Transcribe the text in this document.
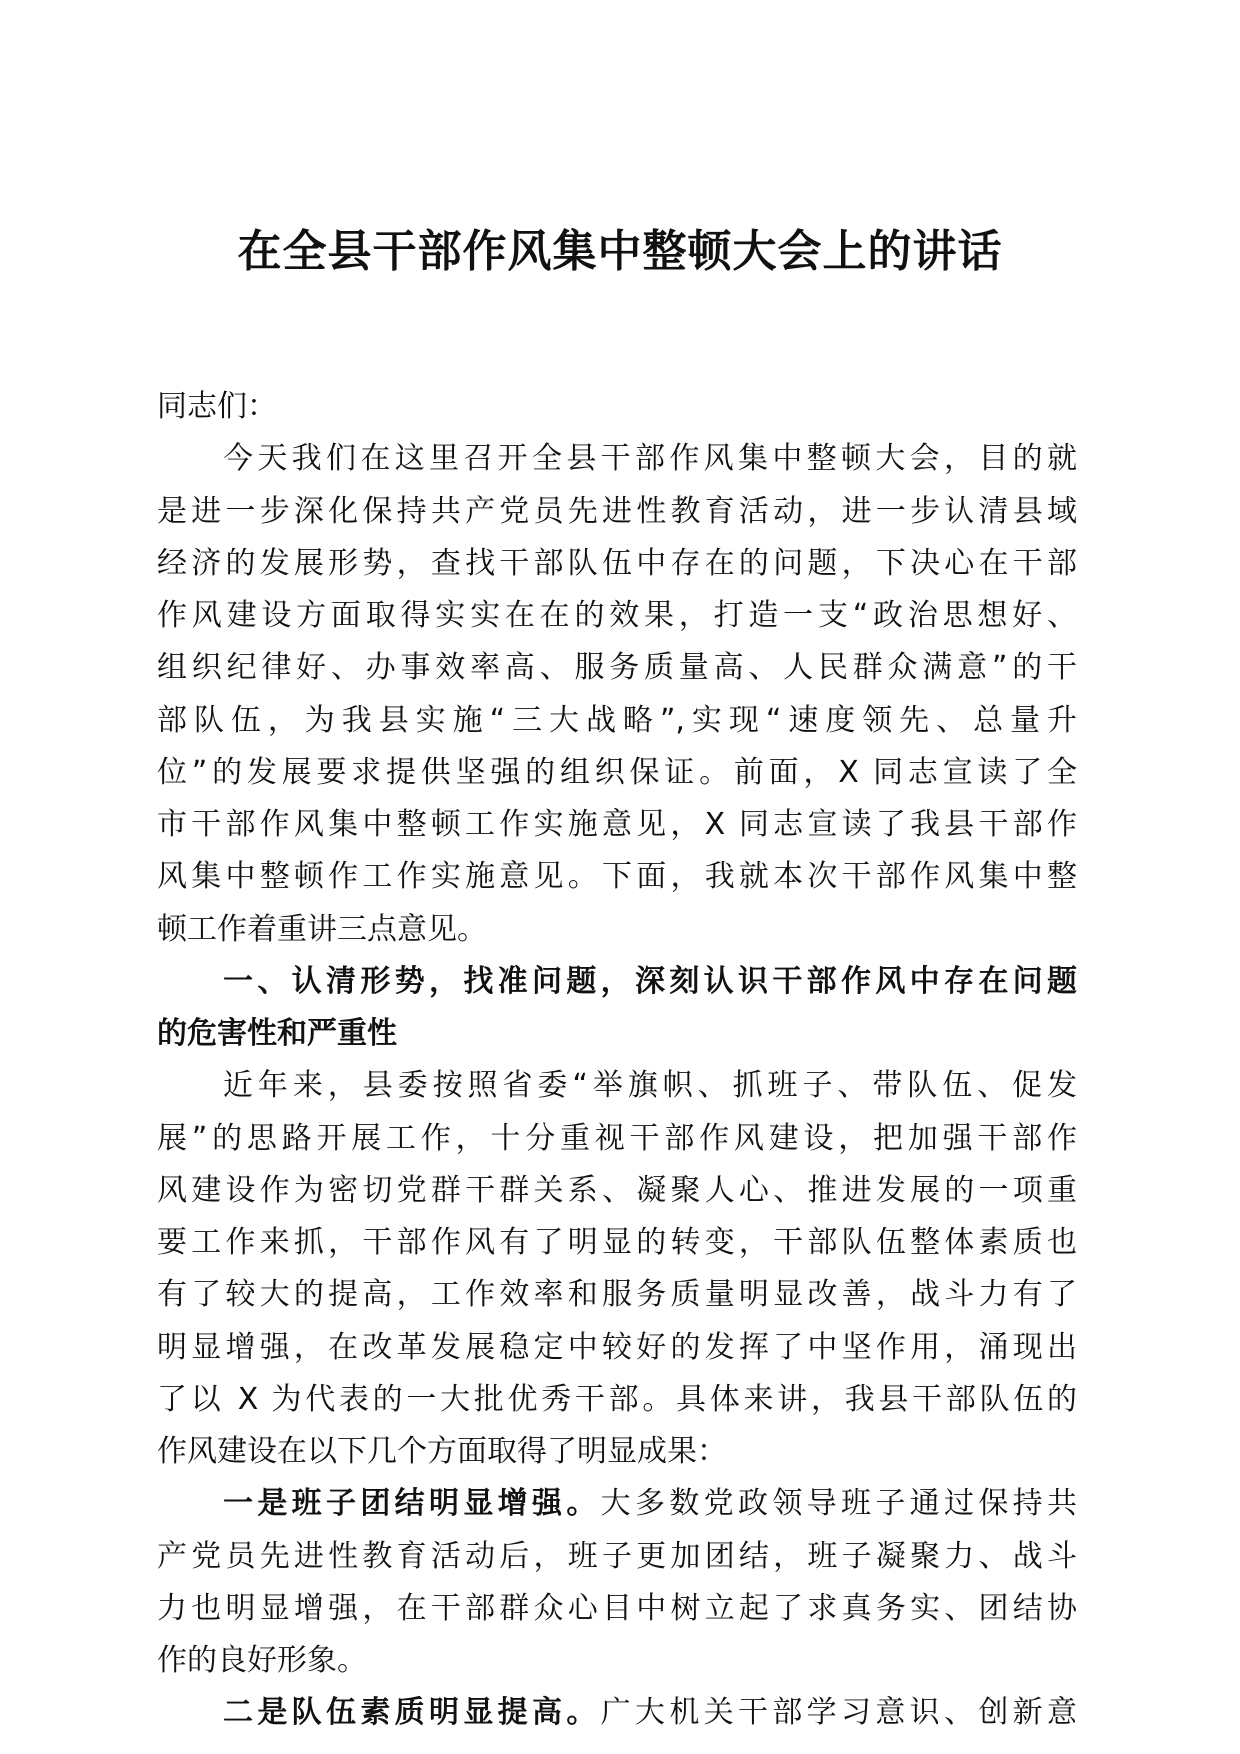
在全县干部作风集中整顿大会上的讲话
同志们：
今天我们在这里召开全县干部作风集中整顿大会，目的就
是进一步深化保持共产党员先进性教育活动，进一步认清县域
经济的发展形势，查找干部队伍中存在的问题，下决心在干部
作风建设方面取得实实在在的效果，打造一支“政治思想好、
组织纪律好、办事效率高、服务质量高、人民群众满意”的干
部队伍，为我县实施“三大战略”,实现“速度领先、总量升
位”的发展要求提供坚强的组织保证。前面，X 同志宣读了全
市干部作风集中整顿工作实施意见，X 同志宣读了我县干部作
风集中整顿作工作实施意见。下面，我就本次干部作风集中整
顿工作着重讲三点意见。
一、认清形势，找准问题，深刻认识干部作风中存在问题
的危害性和严重性
近年来，县委按照省委“举旗帜、抓班子、带队伍、促发
展”的思路开展工作，十分重视干部作风建设，把加强干部作
风建设作为密切党群干群关系、凝聚人心、推进发展的一项重
要工作来抓，干部作风有了明显的转变，干部队伍整体素质也
有了较大的提高，工作效率和服务质量明显改善，战斗力有了
明显增强，在改革发展稳定中较好的发挥了中坚作用，涌现出
了以 X 为代表的一大批优秀干部。具体来讲，我县干部队伍的
作风建设在以下几个方面取得了明显成果：
一是班子团结明显增强。大多数党政领导班子通过保持共
产党员先进性教育活动后，班子更加团结，班子凝聚力、战斗
力也明显增强，在干部群众心目中树立起了求真务实、团结协
作的良好形象。
二是队伍素质明显提高。广大机关干部学习意识、创新意
